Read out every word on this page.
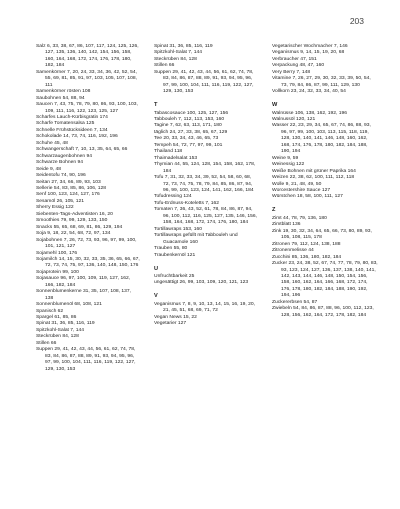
203
Salz 6, 33, 38, 67, 86, 107, 117, 124, 125, 126, 127, 135, 136, 140, 142, 154, 156, 158, 160, 164, 168, 172, 174, 176, 178, 180, 182, 184
Samenkörner 7, 20, 24, 33, 34, 36, 42, 52, 54, 55, 69, 81, 85, 91, 97, 103, 105, 107, 108, 111
Samenkörner rösten 108
Saubohnen 54, 88, 94
Saucen 7, 43, 75, 78, 79, 80, 86, 93, 100, 103, 109, 111, 116, 122, 123, 125, 127
Scharfes Lauch-Kürbisgratin 174
Scharfe Tomatensalsa 125
Schnelle Frühstücksideen 7, 134
Schokolade 14, 73, 74, 116, 192, 196
Schuhe 45, 48
Schwangerschaft 7, 10, 13, 35, 64, 65, 66
Schwarzaugenbohnen 94
Schwarze Bohnen 94
Seide 9, 48
Seidentofu 74, 90, 196
Seitan 27, 34, 66, 89, 93, 103
Sellerie 54, 83, 85, 86, 106, 128
Senf 100, 123, 124, 127, 176
Sesamöl 26, 105, 121
Sherry Essig 122
Siebenten-Tags-Adventisten 16, 20
Smoothies 79, 99, 129, 133, 150
Snacks 55, 65, 68, 69, 81, 86, 129, 194
Soja 9, 18, 22, 54, 68, 72, 97, 134
Sojabohnen 7, 26, 72, 73, 93, 96, 97, 99, 100, 101, 121, 127
Sojamehl 100, 176
Sojamilch 14, 15, 30, 32, 33, 35, 36, 65, 66, 67, 72, 73, 74, 75, 97, 136, 140, 148, 150, 176
Sojaprotein 99, 100
Sojasauce 96, 97, 100, 109, 119, 127, 162, 166, 182, 184
Sonnenblumenkerne 31, 35, 107, 108, 137, 138
Sonnenblumenöl 68, 108, 121
Spanisch 62
Spargel 61, 85, 86
Spinat 31, 36, 85, 116, 119
Spitzkohl-Salat 7, 144
Steckrüben 84, 128
Stillen 66
Suppen 29, 41, 42, 43, 44, 56, 61, 62, 74, 78, 83, 84, 86, 87, 88, 89, 91, 93, 94, 95, 96, 97, 99, 100, 104, 111, 116, 119, 122, 127, 129, 130, 153
Spinat 31, 36, 85, 116, 119
Spitzkohl-Salat 7, 144
Steckrüben 84, 128
Stillen 66
Suppen 29, 41, 42, 43, 44, 56, 61, 62, 74, 78, 83, 84, 86, 87, 88, 89, 91, 93, 94, 95, 96, 97, 99, 100, 104, 111, 116, 119, 122, 127, 129, 130, 153
T
Tabascosauce 100, 125, 127, 156
Tabbouleh 7, 112, 113, 153, 160
Tagine 7, 62, 63, 113, 171, 180
täglich 24, 27, 33, 38, 65, 67, 129
Tee 20, 33, 34, 43, 46, 65, 73
Tempeh 54, 72, 77, 97, 99, 101
Thailand 118
Thaimadelsalat 153
Thymian 44, 55, 124, 128, 154, 158, 162, 178, 184
Tofu 7, 31, 32, 33, 34, 39, 52, 54, 58, 60, 68, 72, 73, 74, 75, 78, 79, 84, 85, 86, 87, 94, 96, 99, 100, 123, 124, 141, 162, 166, 184
Tofudressing 124
Tofu-Erdnuss-Koteletts 7, 162
Tomaten 7, 36, 43, 52, 61, 78, 84, 86, 87, 94, 96, 100, 112, 116, 125, 127, 135, 146, 156, 158, 164, 168, 172, 174, 176, 180, 184
Tortillawraps 153, 160
Tortillawraps gefüllt mit Tabbouleh und Guacamole 160
Trauben 55, 80
Traubenkernöl 121
U
Unfruchtbarkeit 25
ungesättigt 26, 99, 103, 109, 120, 121, 123
V
Veganismus 7, 8, 9, 10, 13, 14, 15, 16, 19, 20, 21, 45, 51, 68, 69, 71, 72
Vegan News 15, 22
Vegetarier 127
Vegetarischer Wochmacher 7, 146
Veganismus 9, 14, 15, 19, 20, 68
Verbraucher 47, 151
Verpackung 48, 47, 160
Very Berry 7, 148
Vitamine 7, 26, 27, 29, 30, 32, 33, 39, 50, 54, 73, 79, 84, 86, 87, 99, 111, 129, 130
Vollkorn 23, 24, 32, 33, 34, 40, 54
W
Walnüsse 106, 138, 162, 192, 196
Walnussöl 120, 121
Wasser 22, 23, 29, 34, 65, 67, 74, 86, 88, 93, 96, 97, 99, 100, 103, 113, 115, 118, 119, 128, 130, 140, 141, 146, 148, 160, 162, 168, 174, 176, 178, 180, 182, 184, 188, 190, 194
Weine 9, 59
Weinessig 122
Weiße Bohnen mit grüner Paprika 164
Weizen 22, 38, 62, 100, 111, 112, 118
Wolle 9, 21, 48, 49, 50
Worcestershire Sauce 127
Würstchen 18, 58, 100, 111, 127
Z
Zimt 44, 78, 79, 136, 180
Zimtblatt 136
Zink 19, 30, 32, 34, 64, 65, 66, 73, 80, 89, 93, 105, 108, 115, 178
Zitronen 79, 112, 124, 138, 188
Zitronenmelisse 44
Zucchini 85, 136, 180, 182, 184
Zucker 23, 24, 38, 52, 67, 74, 77, 78, 79, 80, 83, 93, 123, 124, 127, 136, 137, 138, 140, 141, 142, 143, 144, 146, 148, 150, 154, 156, 158, 160, 162, 164, 166, 168, 172, 174, 176, 178, 180, 182, 184, 188, 190, 192, 194, 196
Zuckererbsen 54, 87
Zwiebeln 54, 84, 86, 87, 88, 96, 100, 112, 123, 128, 156, 162, 164, 172, 178, 182, 184
